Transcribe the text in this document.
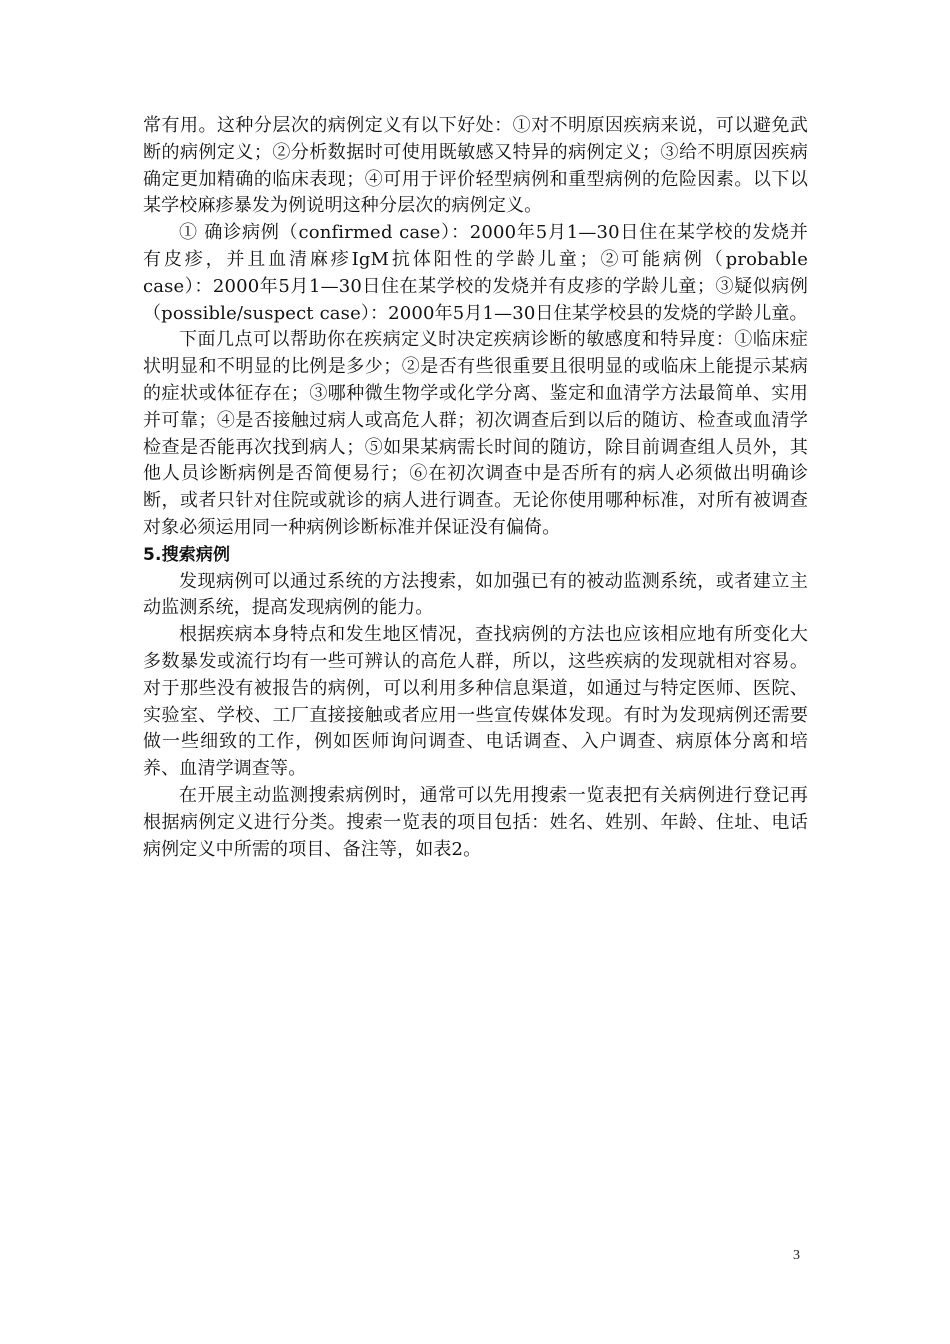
常有用。这种分层次的病例定义有以下好处：①对不明原因疾病来说，可以避免武断的病例定义；②分析数据时可使用既敏感又特异的病例定义；③给不明原因疾病确定更加精确的临床表现；④可用于评价轻型病例和重型病例的危险因素。以下以某学校麻疹暴发为例说明这种分层次的病例定义。

① 确诊病例（confirmed case）：2000年5月1—30日住在某学校的发烧并有皮疹，并且血清麻疹IgM抗体阳性的学龄儿童；②可能病例（probable case）：2000年5月1—30日住在某学校的发烧并有皮疹的学龄儿童；③疑似病例（possible/suspect case）：2000年5月1—30日住某学校县的发烧的学龄儿童。

下面几点可以帮助你在疾病定义时决定疾病诊断的敏感度和特异度：①临床症状明显和不明显的比例是多少；②是否有些很重要且很明显的或临床上能提示某病的症状或体征存在；③哪种微生物学或化学分离、鉴定和血清学方法最简单、实用并可靠；④是否接触过病人或高危人群；初次调查后到以后的随访、检查或血清学检查是否能再次找到病人；⑤如果某病需长时间的随访，除目前调查组人员外，其他人员诊断病例是否简便易行；⑥在初次调查中是否所有的病人必须做出明确诊断，或者只针对住院或就诊的病人进行调查。无论你使用哪种标准，对所有被调查对象必须运用同一种病例诊断标准并保证没有偏倚。

5.搜索病例

发现病例可以通过系统的方法搜索，如加强已有的被动监测系统，或者建立主动监测系统，提高发现病例的能力。

根据疾病本身特点和发生地区情况，查找病例的方法也应该相应地有所变化大多数暴发或流行均有一些可辨认的高危人群，所以，这些疾病的发现就相对容易。对于那些没有被报告的病例，可以利用多种信息渠道，如通过与特定医师、医院、实验室、学校、工厂直接接触或者应用一些宣传媒体发现。有时为发现病例还需要做一些细致的工作，例如医师询问调查、电话调查、入户调查、病原体分离和培养、血清学调查等。

在开展主动监测搜索病例时，通常可以先用搜索一览表把有关病例进行登记再根据病例定义进行分类。搜索一览表的项目包括：姓名、姓别、年龄、住址、电话病例定义中所需的项目、备注等，如表2。

3
